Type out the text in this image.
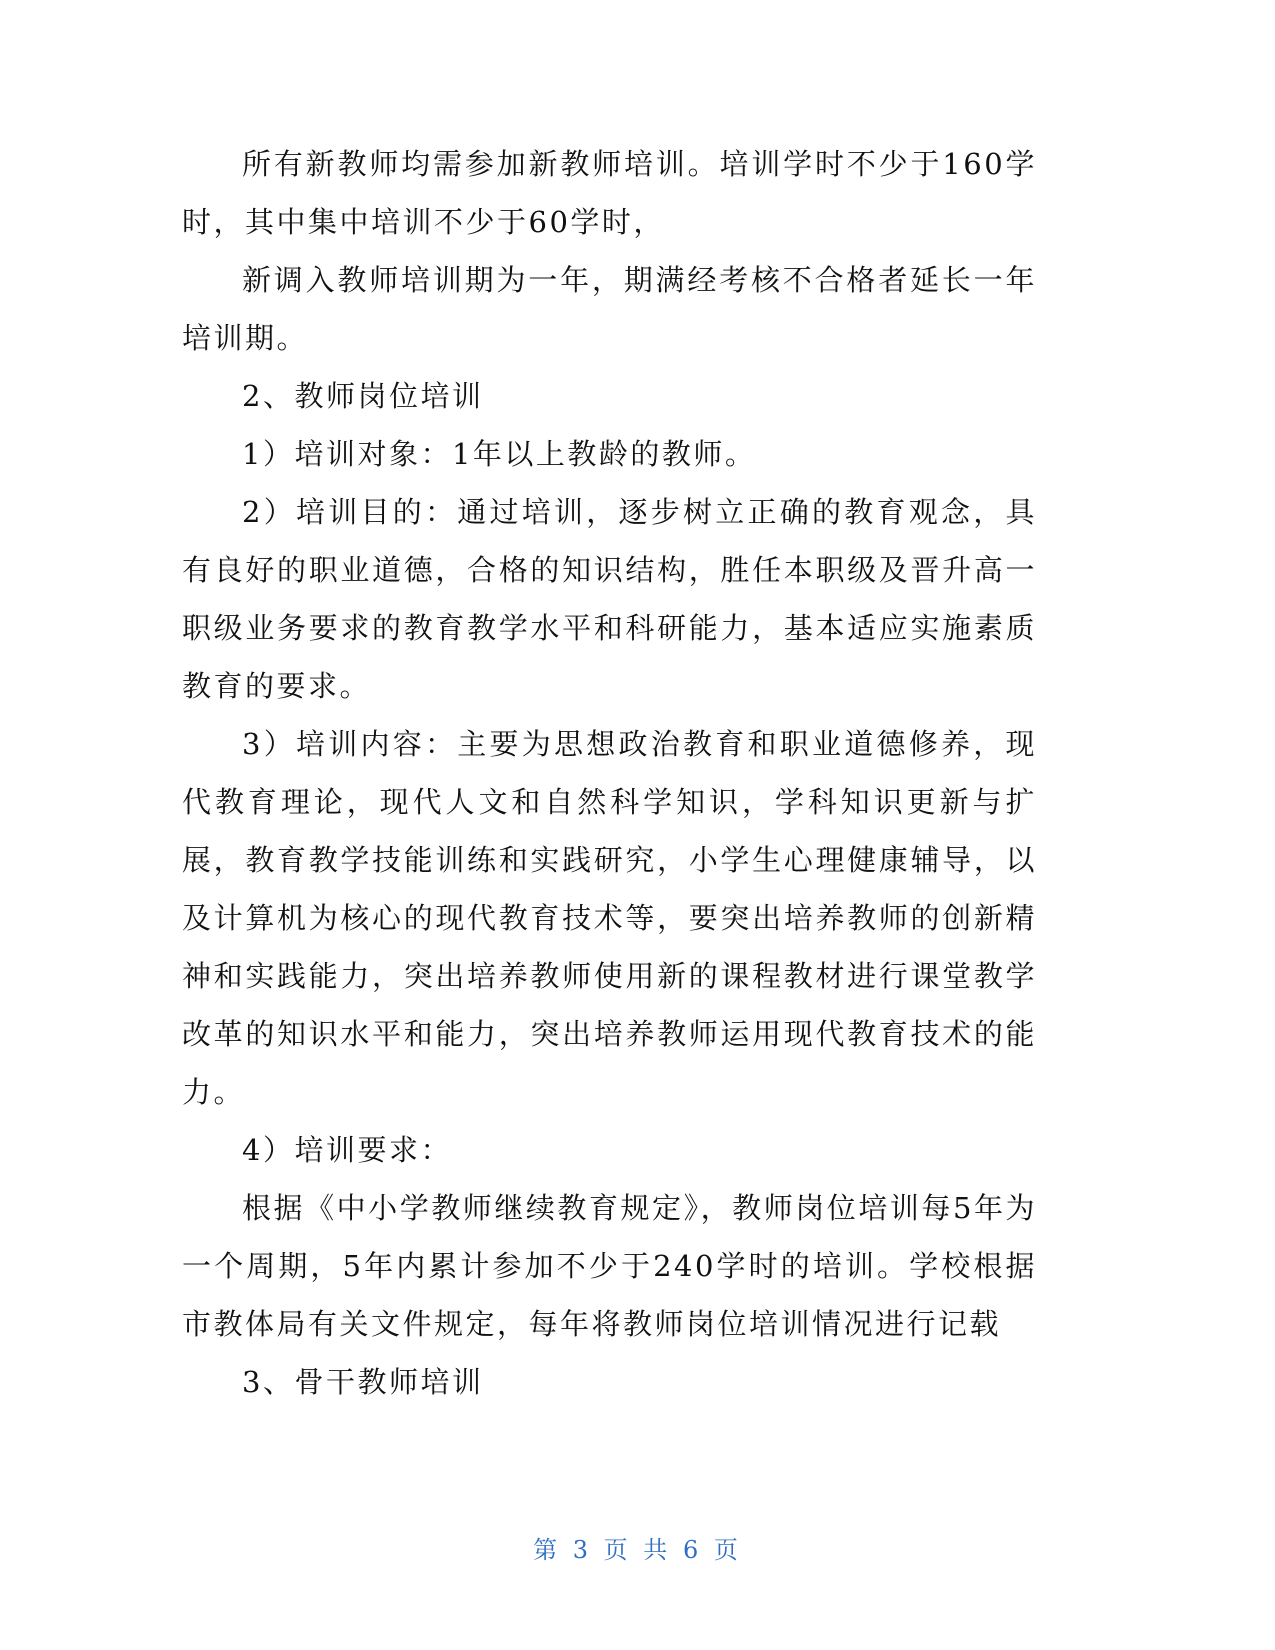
所有新教师均需参加新教师培训。培训学时不少于160学时，其中集中培训不少于60学时，

新调入教师培训期为一年，期满经考核不合格者延长一年培训期。

2、教师岗位培训

1）培训对象：1年以上教龄的教师。

2）培训目的：通过培训，逐步树立正确的教育观念，具有良好的职业道德，合格的知识结构，胜任本职级及晋升高一职级业务要求的教育教学水平和科研能力，基本适应实施素质教育的要求。

3）培训内容：主要为思想政治教育和职业道德修养，现代教育理论，现代人文和自然科学知识，学科知识更新与扩展，教育教学技能训练和实践研究，小学生心理健康辅导，以及计算机为核心的现代教育技术等，要突出培养教师的创新精神和实践能力，突出培养教师使用新的课程教材进行课堂教学改革的知识水平和能力，突出培养教师运用现代教育技术的能力。

4）培训要求：

根据《中小学教师继续教育规定》，教师岗位培训每5年为一个周期，5年内累计参加不少于240学时的培训。学校根据市教体局有关文件规定，每年将教师岗位培训情况进行记载

3、骨干教师培训

第 3 页 共 6 页
